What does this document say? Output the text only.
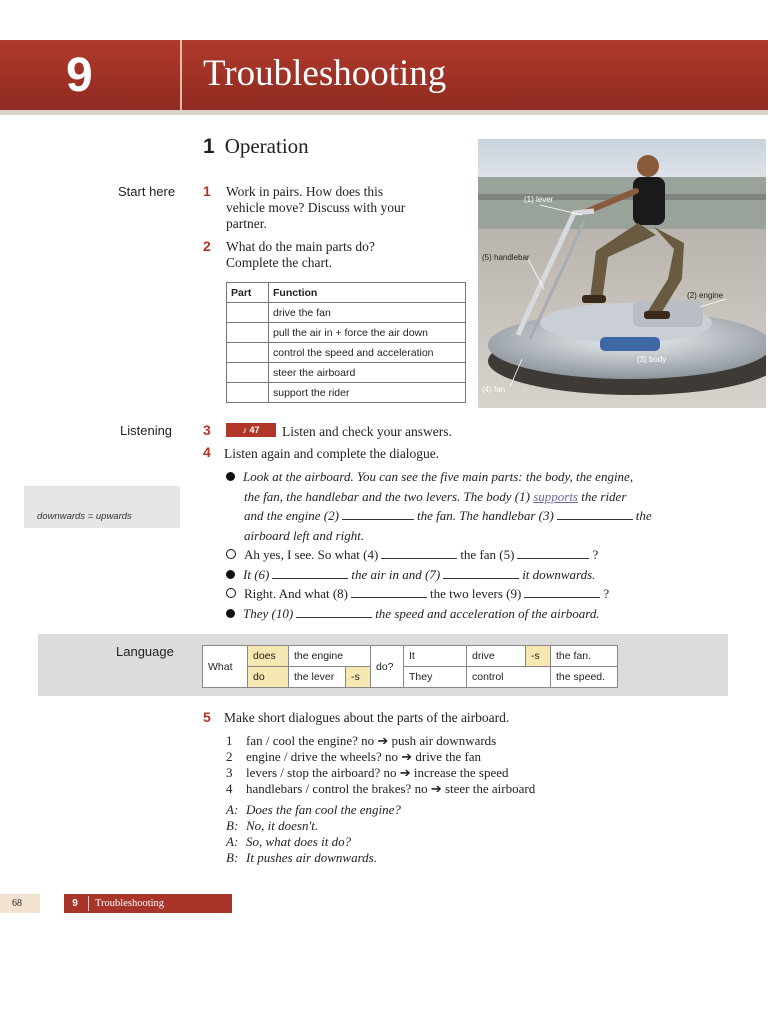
9	Troubleshooting
1 Operation
Start here 1 Work in pairs. How does this
vehicle move? Discuss with your
partner.
2 What do the main parts do?
Complete the chart.
Part	Function
	drive the fan
	pull the air in + force the air down
	control the speed and acceleration
	steer the airboard
	support the rider
(1) lever
(5) handlebar
(2) engine
(3) body
(4) fan
Listening 3	♪ 47	Listen and check your answers.
4 Listen again and complete the dialogue.
downwards = upwards
Look at the airboard. You can see the five main parts: the body, the engine,
the fan, the handlebar and the two levers. The body (1) supports the rider
and the engine (2)	the fan. The handlebar (3)	the
airboard left and right.
Ah yes, I see. So what (4)	the fan (5)	?
It (6)	the air in and (7)	it downwards.
Right. And what (8)	the two levers (9)	?
They (10)	the speed and acceleration of the airboard.
Language
What	does	the engine		do?	It	drive	-s	the fan.
	do	the lever	-s		They	control		the speed.
5 Make short dialogues about the parts of the airboard.
1 fan / cool the engine? no ➔ push air downwards
2 engine / drive the wheels? no ➔ drive the fan
3 levers / stop the airboard? no ➔ increase the speed
4 handlebars / control the brakes? no ➔ steer the airboard
A: Does the fan cool the engine?
B: No, it doesn't.
A: So, what does it do?
B: It pushes air downwards.
68	9	Troubleshooting
